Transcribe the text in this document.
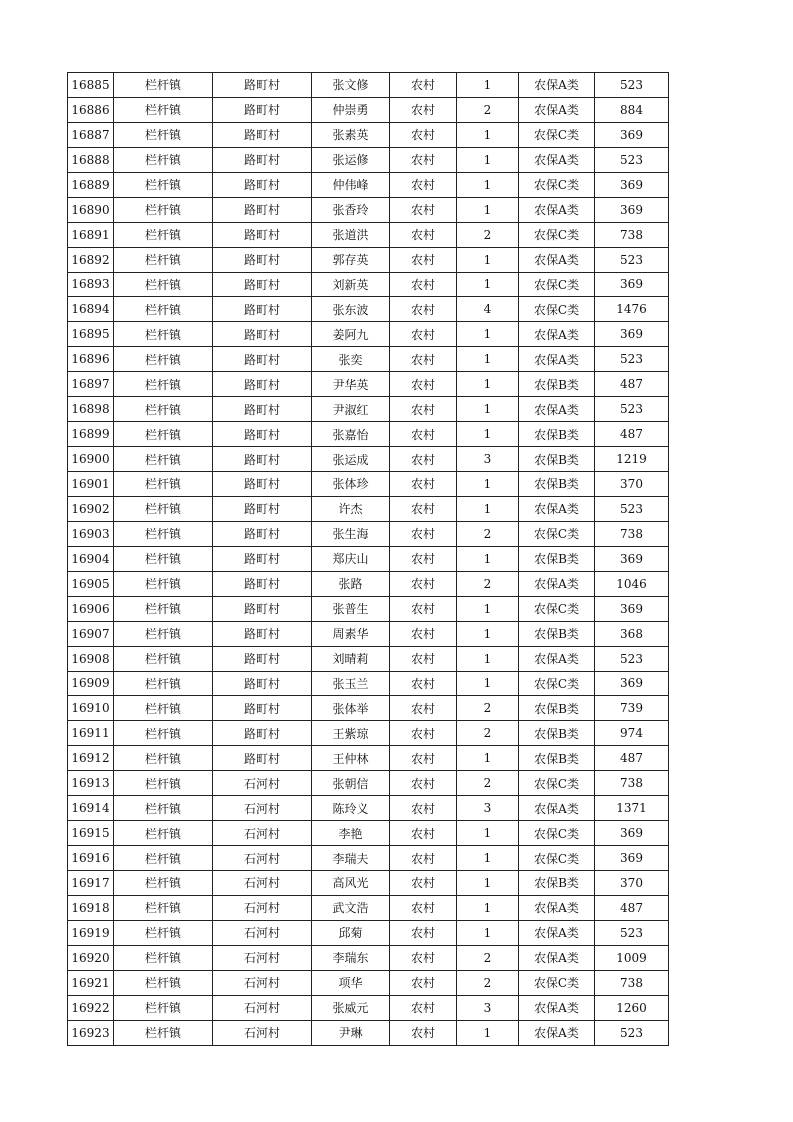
16885	栏杆镇	路町村	张文修	农村	1	农保A类	523
16886	栏杆镇	路町村	仲崇勇	农村	2	农保A类	884
16887	栏杆镇	路町村	张素英	农村	1	农保C类	369
16888	栏杆镇	路町村	张运修	农村	1	农保A类	523
16889	栏杆镇	路町村	仲伟峰	农村	1	农保C类	369
16890	栏杆镇	路町村	张香玲	农村	1	农保A类	369
16891	栏杆镇	路町村	张道洪	农村	2	农保C类	738
16892	栏杆镇	路町村	郭存英	农村	1	农保A类	523
16893	栏杆镇	路町村	刘新英	农村	1	农保C类	369
16894	栏杆镇	路町村	张东波	农村	4	农保C类	1476
16895	栏杆镇	路町村	姜阿九	农村	1	农保A类	369
16896	栏杆镇	路町村	张奕	农村	1	农保A类	523
16897	栏杆镇	路町村	尹华英	农村	1	农保B类	487
16898	栏杆镇	路町村	尹淑红	农村	1	农保A类	523
16899	栏杆镇	路町村	张嘉怡	农村	1	农保B类	487
16900	栏杆镇	路町村	张运成	农村	3	农保B类	1219
16901	栏杆镇	路町村	张体珍	农村	1	农保B类	370
16902	栏杆镇	路町村	许杰	农村	1	农保A类	523
16903	栏杆镇	路町村	张生海	农村	2	农保C类	738
16904	栏杆镇	路町村	郑庆山	农村	1	农保B类	369
16905	栏杆镇	路町村	张路	农村	2	农保A类	1046
16906	栏杆镇	路町村	张普生	农村	1	农保C类	369
16907	栏杆镇	路町村	周素华	农村	1	农保B类	368
16908	栏杆镇	路町村	刘晴莉	农村	1	农保A类	523
16909	栏杆镇	路町村	张玉兰	农村	1	农保C类	369
16910	栏杆镇	路町村	张体举	农村	2	农保B类	739
16911	栏杆镇	路町村	王紫琼	农村	2	农保B类	974
16912	栏杆镇	路町村	王仲林	农村	1	农保B类	487
16913	栏杆镇	石河村	张朝信	农村	2	农保C类	738
16914	栏杆镇	石河村	陈玲义	农村	3	农保A类	1371
16915	栏杆镇	石河村	李艳	农村	1	农保C类	369
16916	栏杆镇	石河村	李瑞夫	农村	1	农保C类	369
16917	栏杆镇	石河村	高风光	农村	1	农保B类	370
16918	栏杆镇	石河村	武文浩	农村	1	农保A类	487
16919	栏杆镇	石河村	邱菊	农村	1	农保A类	523
16920	栏杆镇	石河村	李瑞东	农村	2	农保A类	1009
16921	栏杆镇	石河村	项华	农村	2	农保C类	738
16922	栏杆镇	石河村	张威元	农村	3	农保A类	1260
16923	栏杆镇	石河村	尹琳	农村	1	农保A类	523
